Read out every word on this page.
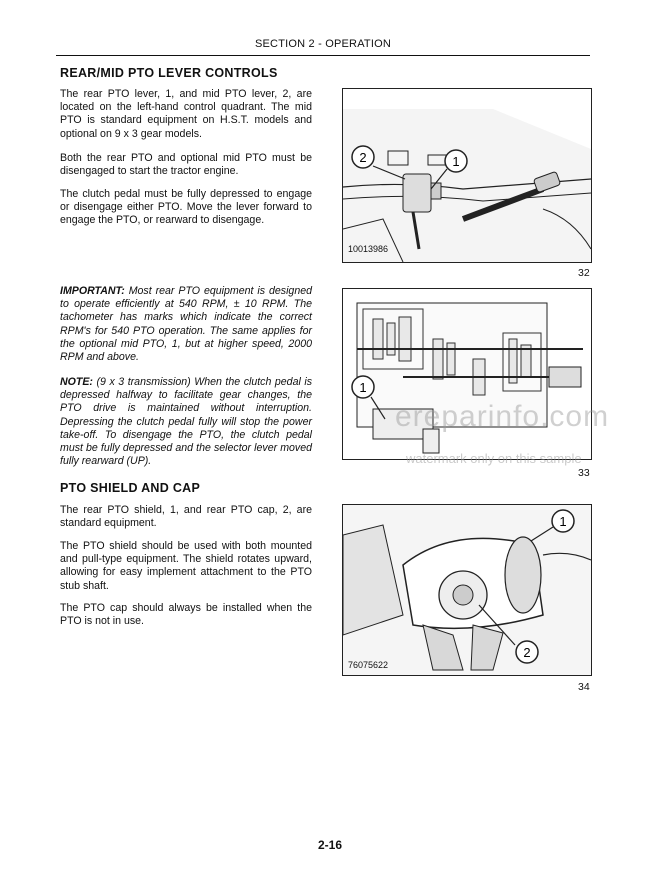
SECTION 2 - OPERATION
REAR/MID PTO LEVER CONTROLS

The rear PTO lever, 1, and mid PTO lever, 2, are located on the left-hand control quadrant. The mid PTO is standard equipment on H.S.T. models and optional on 9 x 3 gear models.

Both the rear PTO and optional mid PTO must be disengaged to start the tractor engine.

The clutch pedal must be fully depressed to engage or disengage either PTO. Move the lever forward to engage the PTO, or rearward to disengage.

IMPORTANT: Most rear PTO equipment is designed to operate efficiently at 540 RPM, ± 10 RPM. The tachometer has marks which indicate the correct RPM's for 540 PTO operation. The same applies for the optional mid PTO, 1, but at higher speed, 2000 RPM and above.

NOTE: (9 x 3 transmission) When the clutch pedal is depressed halfway to facilitate gear changes, the PTO drive is maintained without interruption. Depressing the clutch pedal fully will stop the power take-off. To disengage the PTO, the clutch pedal must be fully depressed and the selector lever moved fully rearward (UP).

PTO SHIELD AND CAP

The rear PTO shield, 1, and rear PTO cap, 2, are standard equipment.

The PTO shield should be used with both mounted and pull-type equipment. The shield rotates upward, allowing for easy implement attachment to the PTO stub shaft.

The PTO cap should always be installed when the PTO is not in use.

2	1
10013986
32
1
33
1
2
76075622
34
ereparinfo.com
watermark only on this sample
2-16
